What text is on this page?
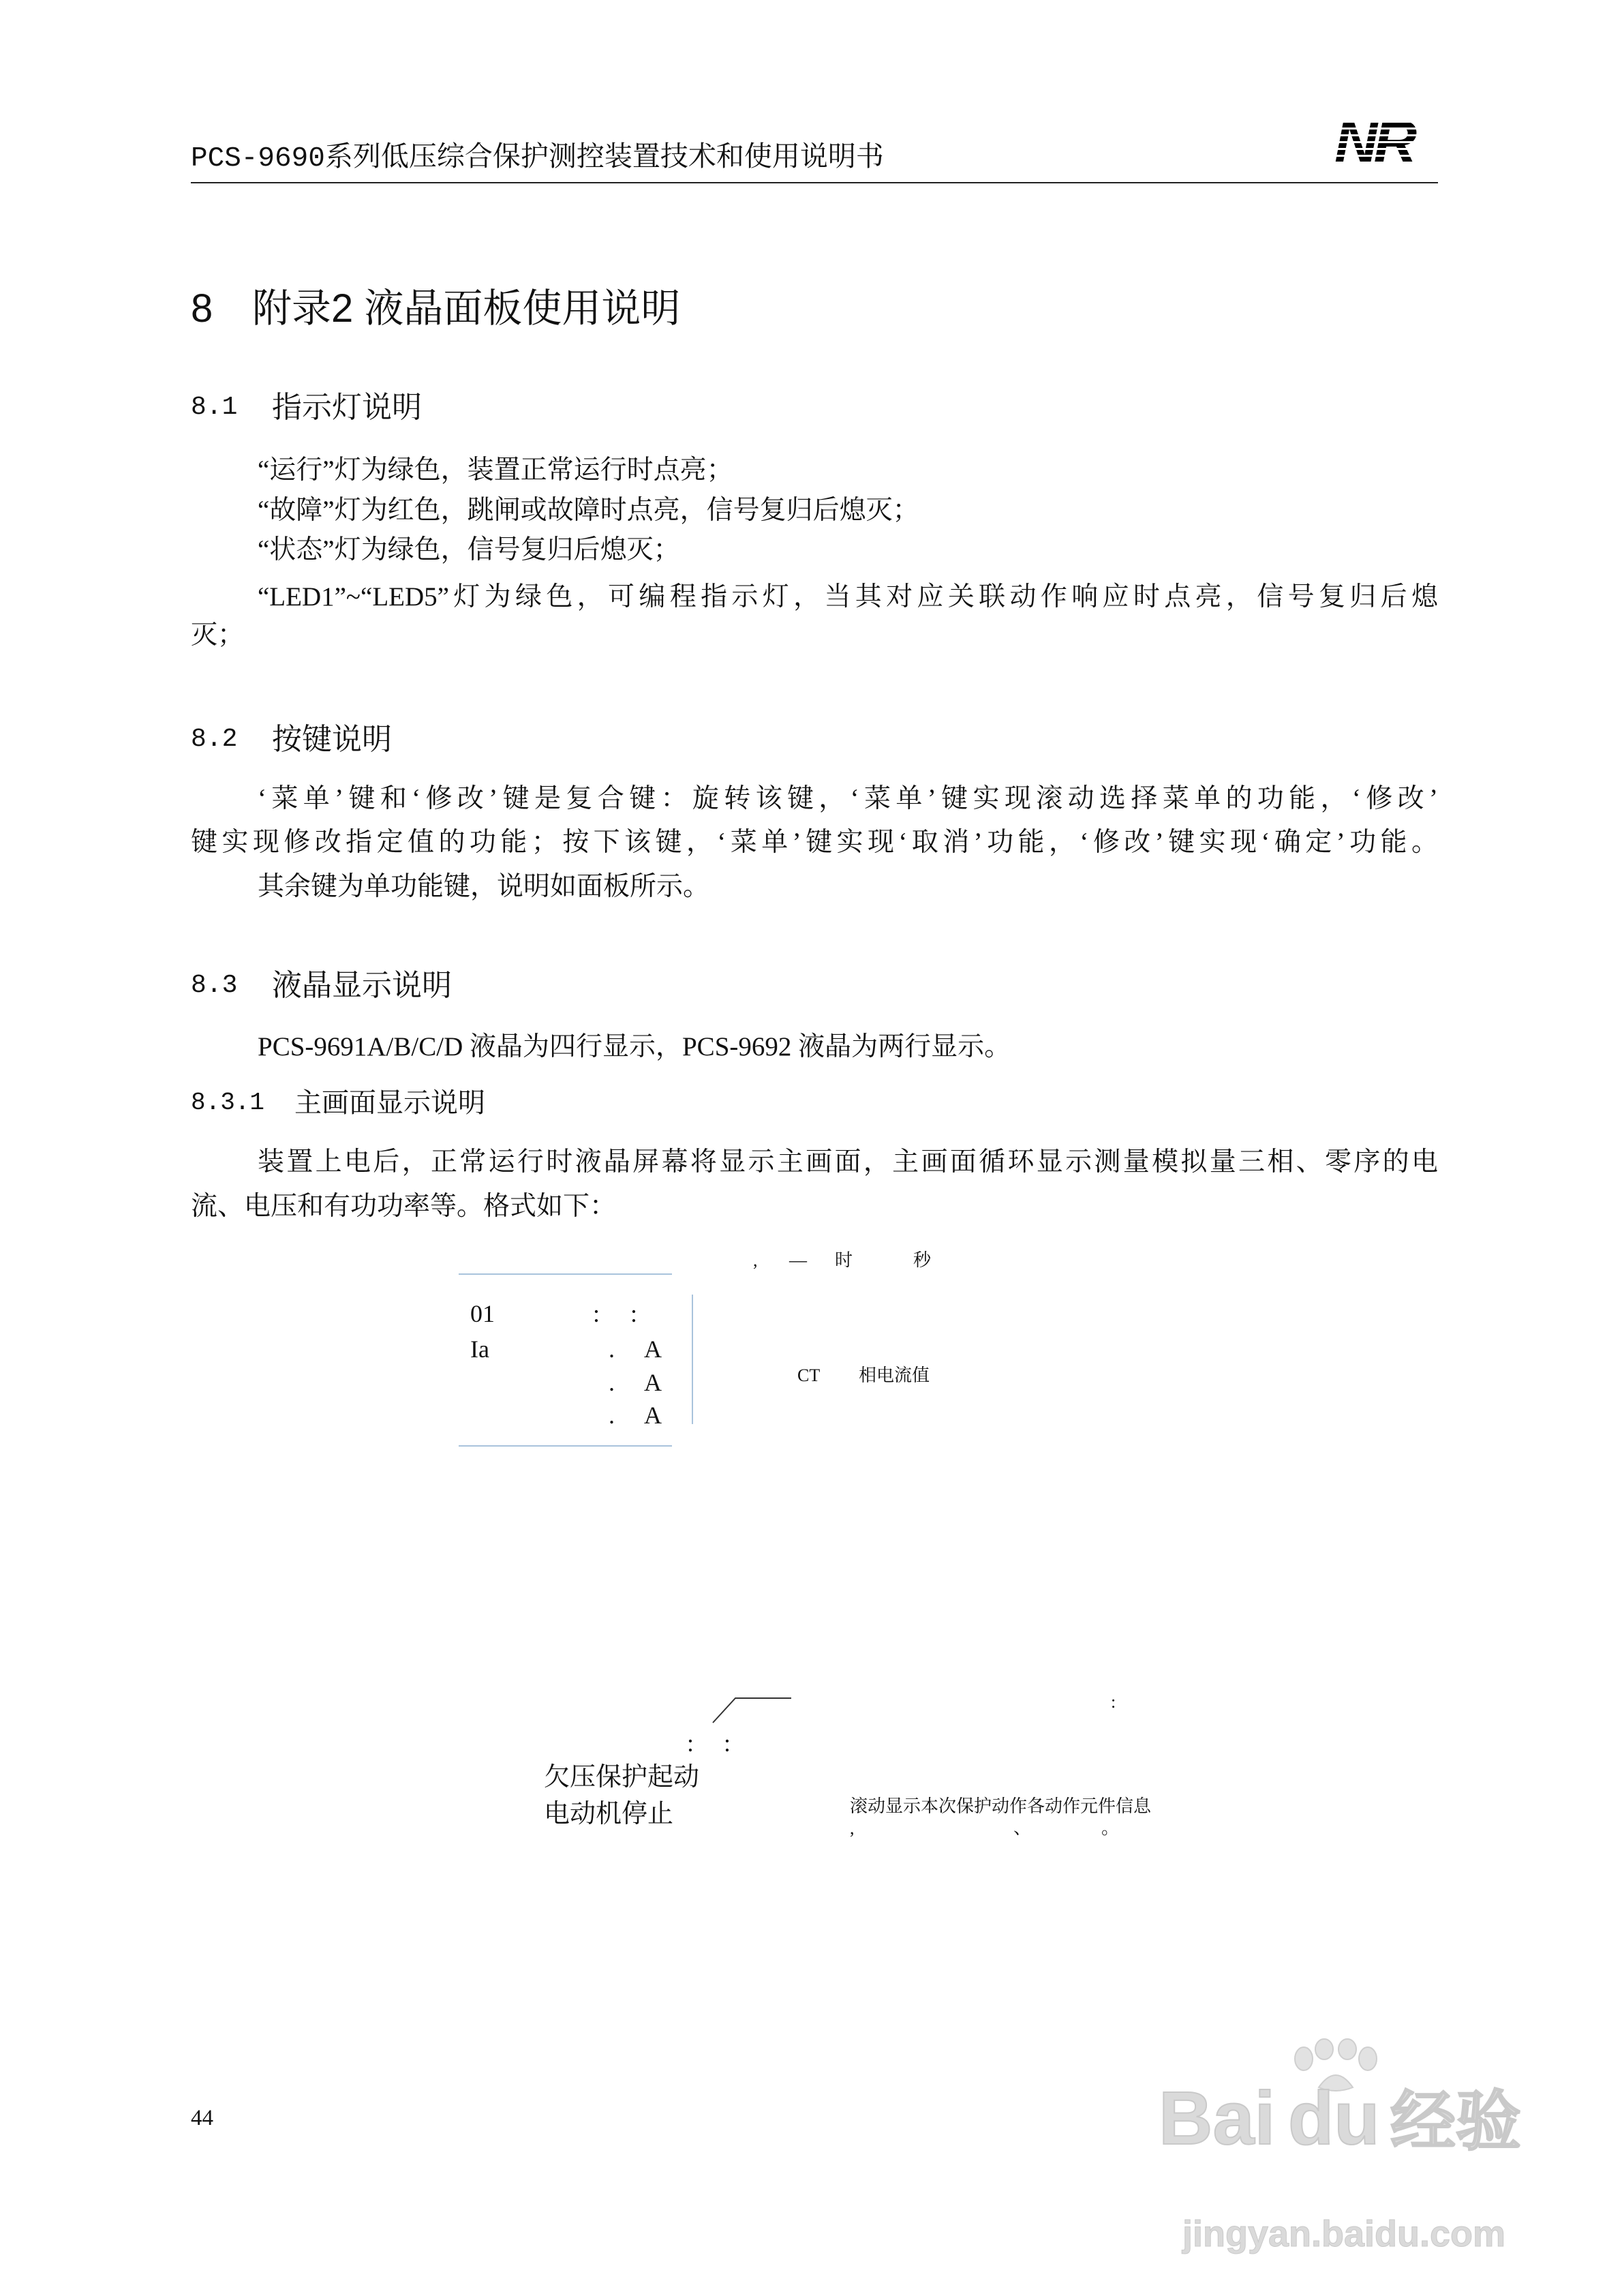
PCS-9690系列低压综合保护测控装置技术和使用说明书	NR
8 附录2 液晶面板使用说明
8.1 指示灯说明
“运行”灯为绿色，装置正常运行时点亮；
“故障”灯为红色，跳闸或故障时点亮，信号复归后熄灭；
“状态”灯为绿色，信号复归后熄灭；
“LED1”~“LED5”灯为绿色，可编程指示灯，当其对应关联动作响应时点亮，信号复归后熄
灭；
8.2 按键说明
‘菜单’键和‘修改’键是复合键：旋转该键，‘菜单’键实现滚动选择菜单的功能，‘修改’
键实现修改指定值的功能；按下该键，‘菜单’键实现‘取消’功能，‘修改’键实现‘确定’功能。
其余键为单功能键，说明如面板所示。
8.3 液晶显示说明
PCS-9691A/B/C/D 液晶为四行显示，PCS-9692 液晶为两行显示。
8.3.1 主画面显示说明
装置上电后，正常运行时液晶屏幕将显示主画面，主画面循环显示测量模拟量三相、零序的电
流、电压和有功功率等。格式如下：
, — 时	秒
01	: :
Ia	. A
. A
. A
CT 相电流值
:
: :
欠压保护起动
电动机停止	滚动显示本次保护动作各动作元件信息
,	、	。
44	Bai du 经验
jingyan.baidu.com
